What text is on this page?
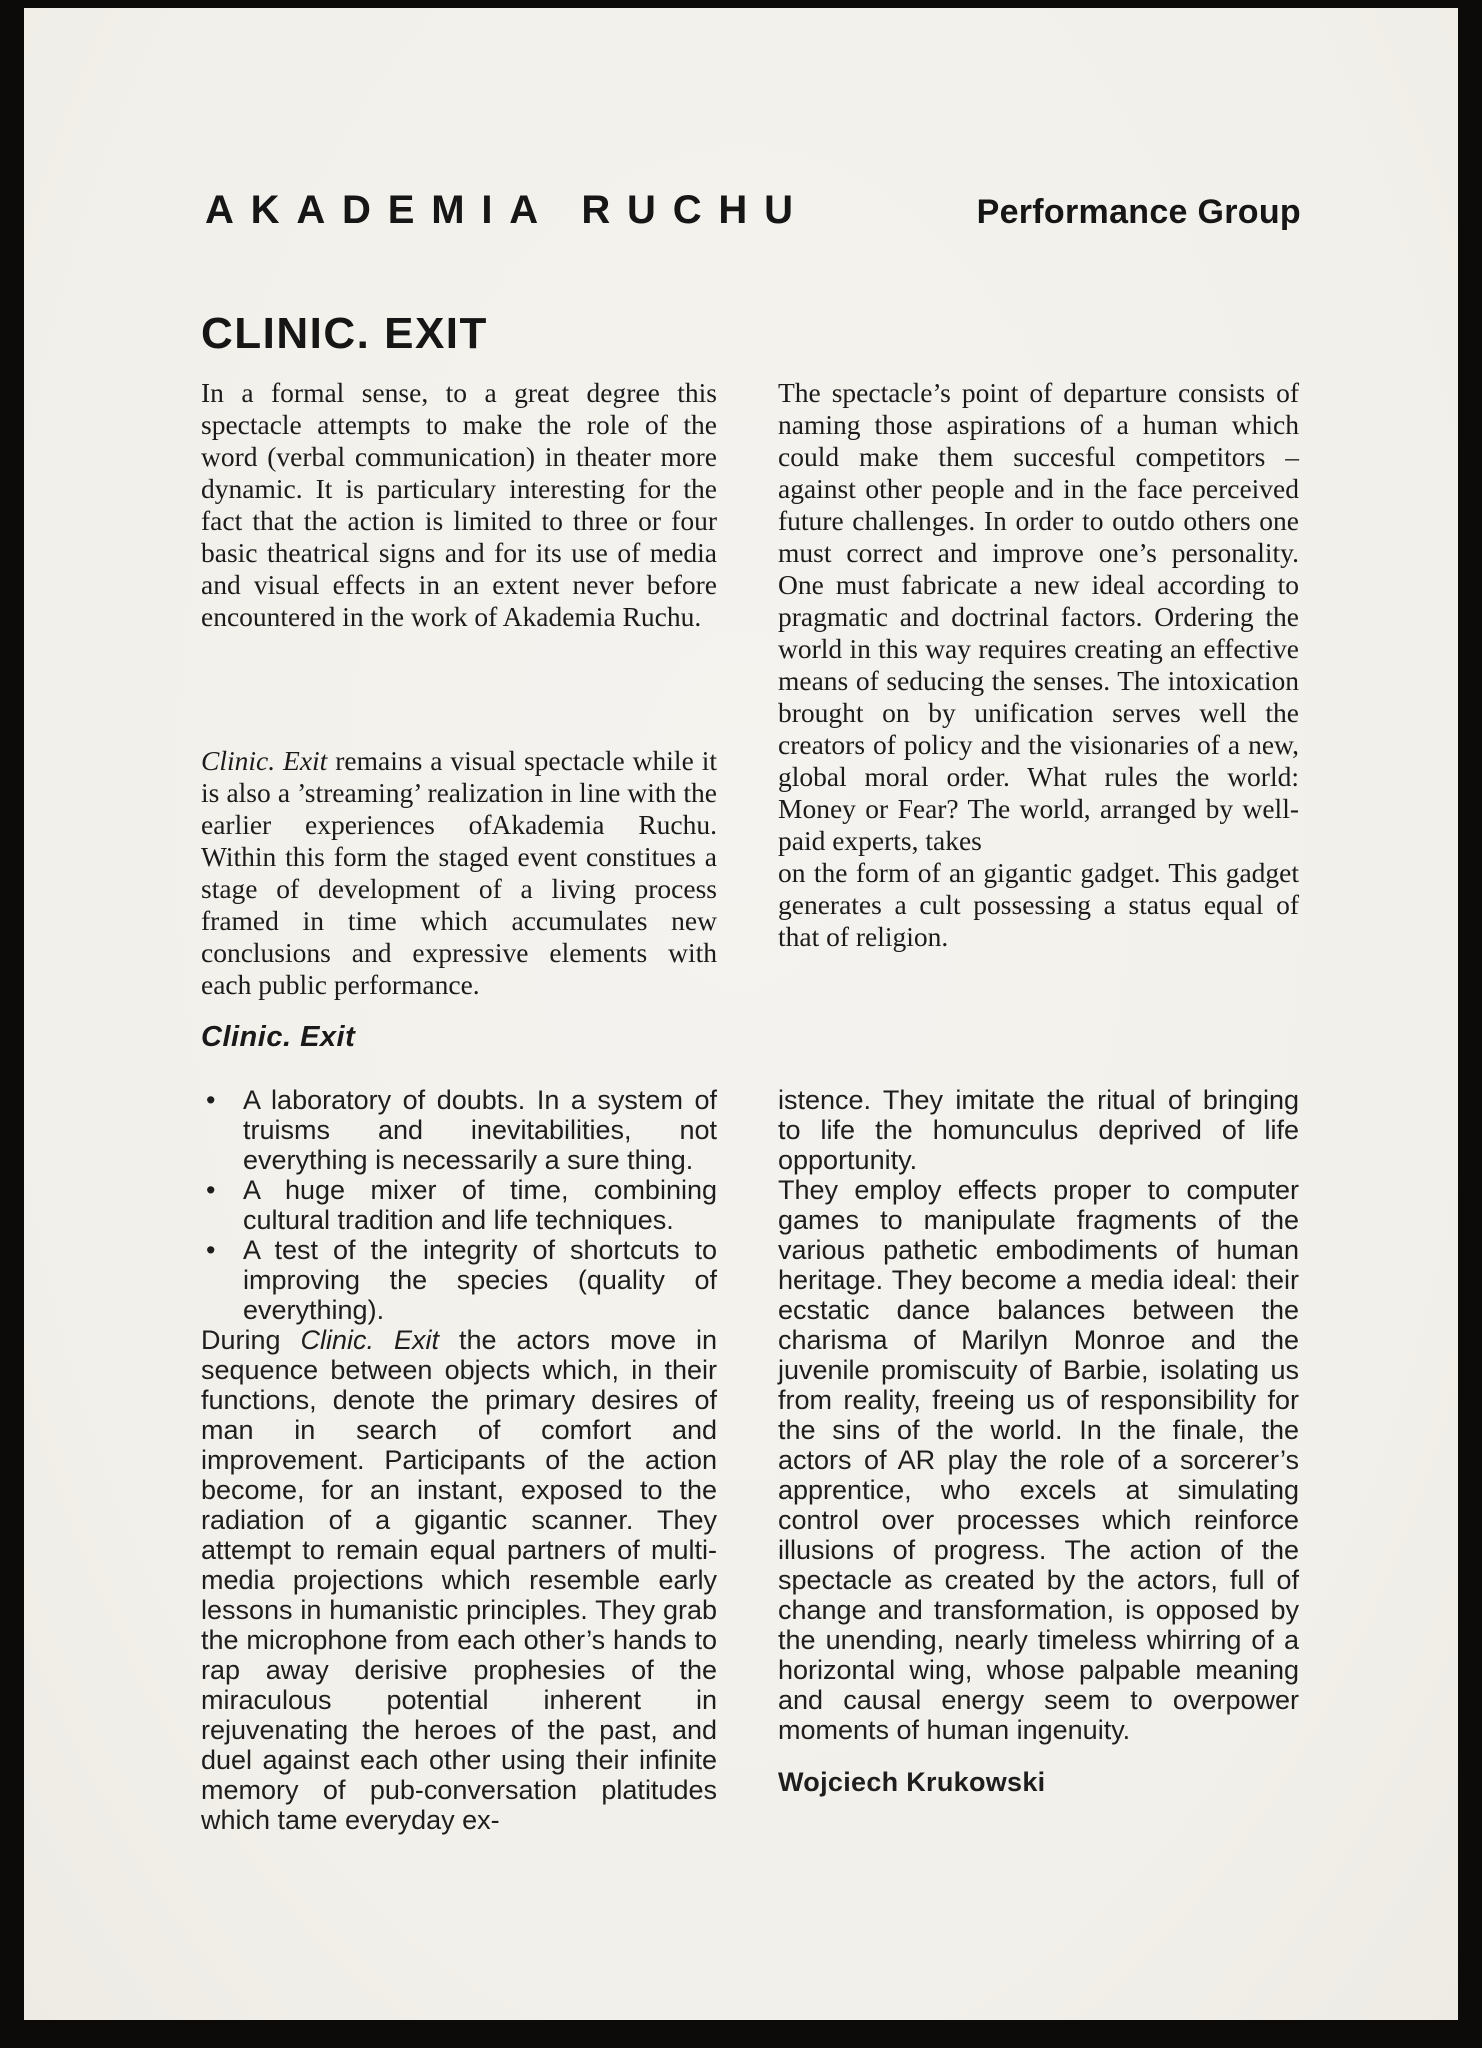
AKADEMIA RUCHU	Performance Group
CLINIC. EXIT

In a formal sense, to a great degree this spectacle attempts to make the role of the word (verbal communication) in theater more dynamic. It is particulary interesting for the fact that the action is limited to three or four basic theatrical signs and for its use of media and visual effects in an extent never before encountered in the work of Akademia Ruchu.

Clinic. Exit remains a visual spectacle while it is also a ’streaming’ realization in line with the earlier experiences ofAkademia Ruchu. Within this form the staged event constitues a stage of development of a living process framed in time which accumulates new conclusions and expressive elements with each public performance.

The spectacle’s point of departure consists of naming those aspirations of a human which could make them succesful competitors – against other people and in the face perceived future challenges. In order to outdo others one must correct and improve one’s personality. One must fabricate a new ideal according to pragmatic and doctrinal factors. Ordering the world in this way requires creating an effective means of seducing the senses. The intoxication brought on by unification serves well the creators of policy and the visionaries of a new, global moral order. What rules the world: Money or Fear? The world, arranged by well-paid experts, takes

on the form of an gigantic gadget. This gadget generates a cult possessing a status equal of that of religion.

Clinic. Exit
• A laboratory of doubts. In a system of truisms and inevitabilities, not everything is necessarily a sure thing.
• A huge mixer of time, combining cultural tradition and life techniques.
• A test of the integrity of shortcuts to improving the species (quality of everything).

During Clinic. Exit the actors move in sequence between objects which, in their functions, denote the primary desires of man in search of comfort and improvement. Participants of the action become, for an instant, exposed to the radiation of a gigantic scanner. They attempt to remain equal partners of multi-media projections which resemble early lessons in humanistic principles. They grab the microphone from each other’s hands to rap away derisive prophesies of the miraculous potential inherent in rejuvenating the heroes of the past, and duel against each other using their infinite memory of pub-conversation platitudes which tame everyday ex-

istence. They imitate the ritual of bringing to life the homunculus deprived of life opportunity.

They employ effects proper to computer games to manipulate fragments of the various pathetic embodiments of human heritage. They become a media ideal: their ecstatic dance balances between the charisma of Marilyn Monroe and the juvenile promiscuity of Barbie, isolating us from reality, freeing us of responsibility for the sins of the world. In the finale, the actors of AR play the role of a sorcerer’s apprentice, who excels at simulating control over processes which reinforce illusions of progress. The action of the spectacle as created by the actors, full of change and transformation, is opposed by the unending, nearly timeless whirring of a horizontal wing, whose palpable meaning and causal energy seem to overpower moments of human ingenuity.

Wojciech Krukowski
